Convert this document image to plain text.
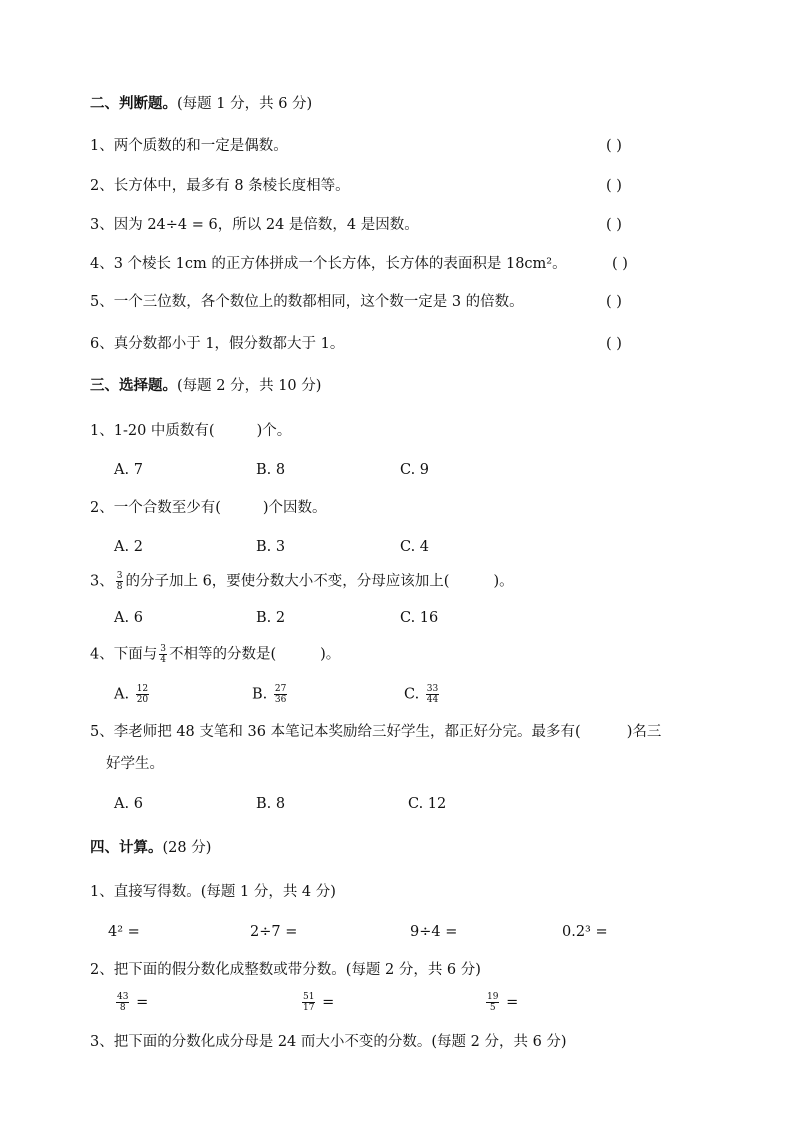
二、判断题。(每题 1 分，共 6 分)
1、两个质数的和一定是偶数。	( )
2、长方体中，最多有 8 条棱长度相等。	( )
3、因为 24÷4 = 6，所以 24 是倍数，4 是因数。	( )
4、3 个棱长 1cm 的正方体拼成一个长方体，长方体的表面积是 18cm²。	( )
5、一个三位数，各个数位上的数都相同，这个数一定是 3 的倍数。	( )
6、真分数都小于 1，假分数都大于 1。	( )
三、选择题。(每题 2 分，共 10 分)
1、1-20 中质数有(	)个。
A. 7	B. 8	C. 9
2、一个合数至少有(	)个因数。
A. 2	B. 3	C. 4
3、 $\frac{3}{8}$ 的分子加上 6，要使分数大小不变，分母应该加上(	)。
A. 6	B. 2	C. 16
4、下面与 $\frac{3}{4}$ 不相等的分数是(	)。
A. $\frac{12}{20}$	B. $\frac{27}{36}$	C. $\frac{33}{44}$
5、李老师把 48 支笔和 36 本笔记本奖励给三好学生，都正好分完。最多有(	)名三
好学生。
A. 6	B. 8	C. 12
四、计算。(28 分)
1、直接写得数。(每题 1 分，共 4 分)
4² =	2÷7 =	9÷4 =	0.2³ =
2、把下面的假分数化成整数或带分数。(每题 2 分，共 6 分)
$\frac{43}{8}$ =	$\frac{51}{17}$ =	$\frac{19}{5}$ =
3、把下面的分数化成分母是 24 而大小不变的分数。(每题 2 分，共 6 分)
